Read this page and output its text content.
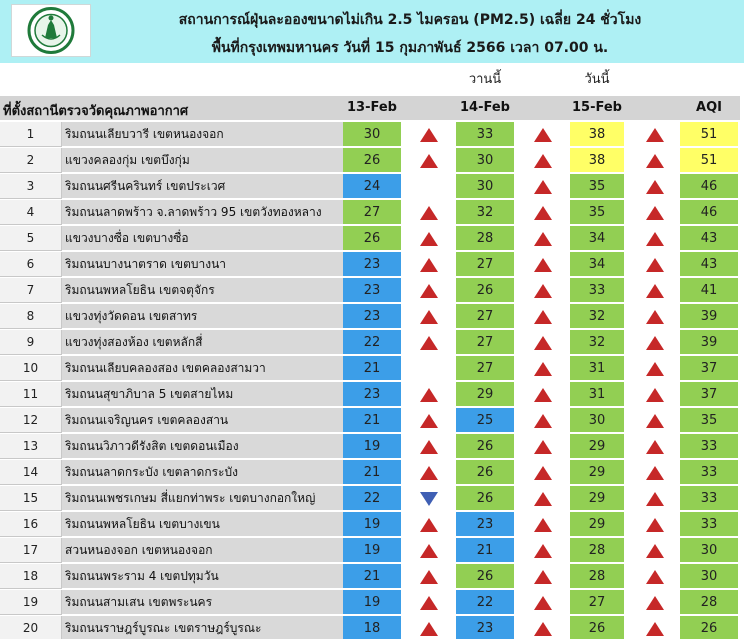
สถานการณ์ฝุ่นละอองขนาดไม่เกิน 2.5 ไมครอน (PM2.5) เฉลี่ย 24 ชั่วโมง
พื้นที่กรุงเทพมหานคร วันที่ 15 กุมภาพันธ์ 2566 เวลา 07.00 น.
วานนี้	วันนี้
ที่ตั้งสถานีตรวจวัดคุณภาพอากาศ	13-Feb	14-Feb	15-Feb	AQI
1	ริมถนนเลียบวารี เขตหนองจอก	30	33	38	51
2	แขวงคลองกุ่ม เขตบึงกุ่ม	26	30	38	51
3	ริมถนนศรีนครินทร์ เขตประเวศ	24	30	35	46
4	ริมถนนลาดพร้าว จ.ลาดพร้าว 95 เขตวังทองหลาง	27	32	35	46
5	แขวงบางซื่อ เขตบางซื่อ	26	28	34	43
6	ริมถนนบางนาตราด เขตบางนา	23	27	34	43
7	ริมถนนพหลโยธิน เขตจตุจักร	23	26	33	41
8	แขวงทุ่งวัดดอน เขตสาทร	23	27	32	39
9	แขวงทุ่งสองห้อง เขตหลักสี่	22	27	32	39
10	ริมถนนเลียบคลองสอง เขตคลองสามวา	21	27	31	37
11	ริมถนนสุขาภิบาล 5 เขตสายไหม	23	29	31	37
12	ริมถนนเจริญนคร เขตคลองสาน	21	25	30	35
13	ริมถนนวิภาวดีรังสิต เขตดอนเมือง	19	26	29	33
14	ริมถนนลาดกระบัง เขตลาดกระบัง	21	26	29	33
15	ริมถนนเพชรเกษม สี่แยกท่าพระ เขตบางกอกใหญ่	22	26	29	33
16	ริมถนนพหลโยธิน เขตบางเขน	19	23	29	33
17	สวนหนองจอก เขตหนองจอก	19	21	28	30
18	ริมถนนพระราม 4 เขตปทุมวัน	21	26	28	30
19	ริมถนนสามเสน เขตพระนคร	19	22	27	28
20	ริมถนนราษฎร์บูรณะ เขตราษฎร์บูรณะ	18	23	26	26
